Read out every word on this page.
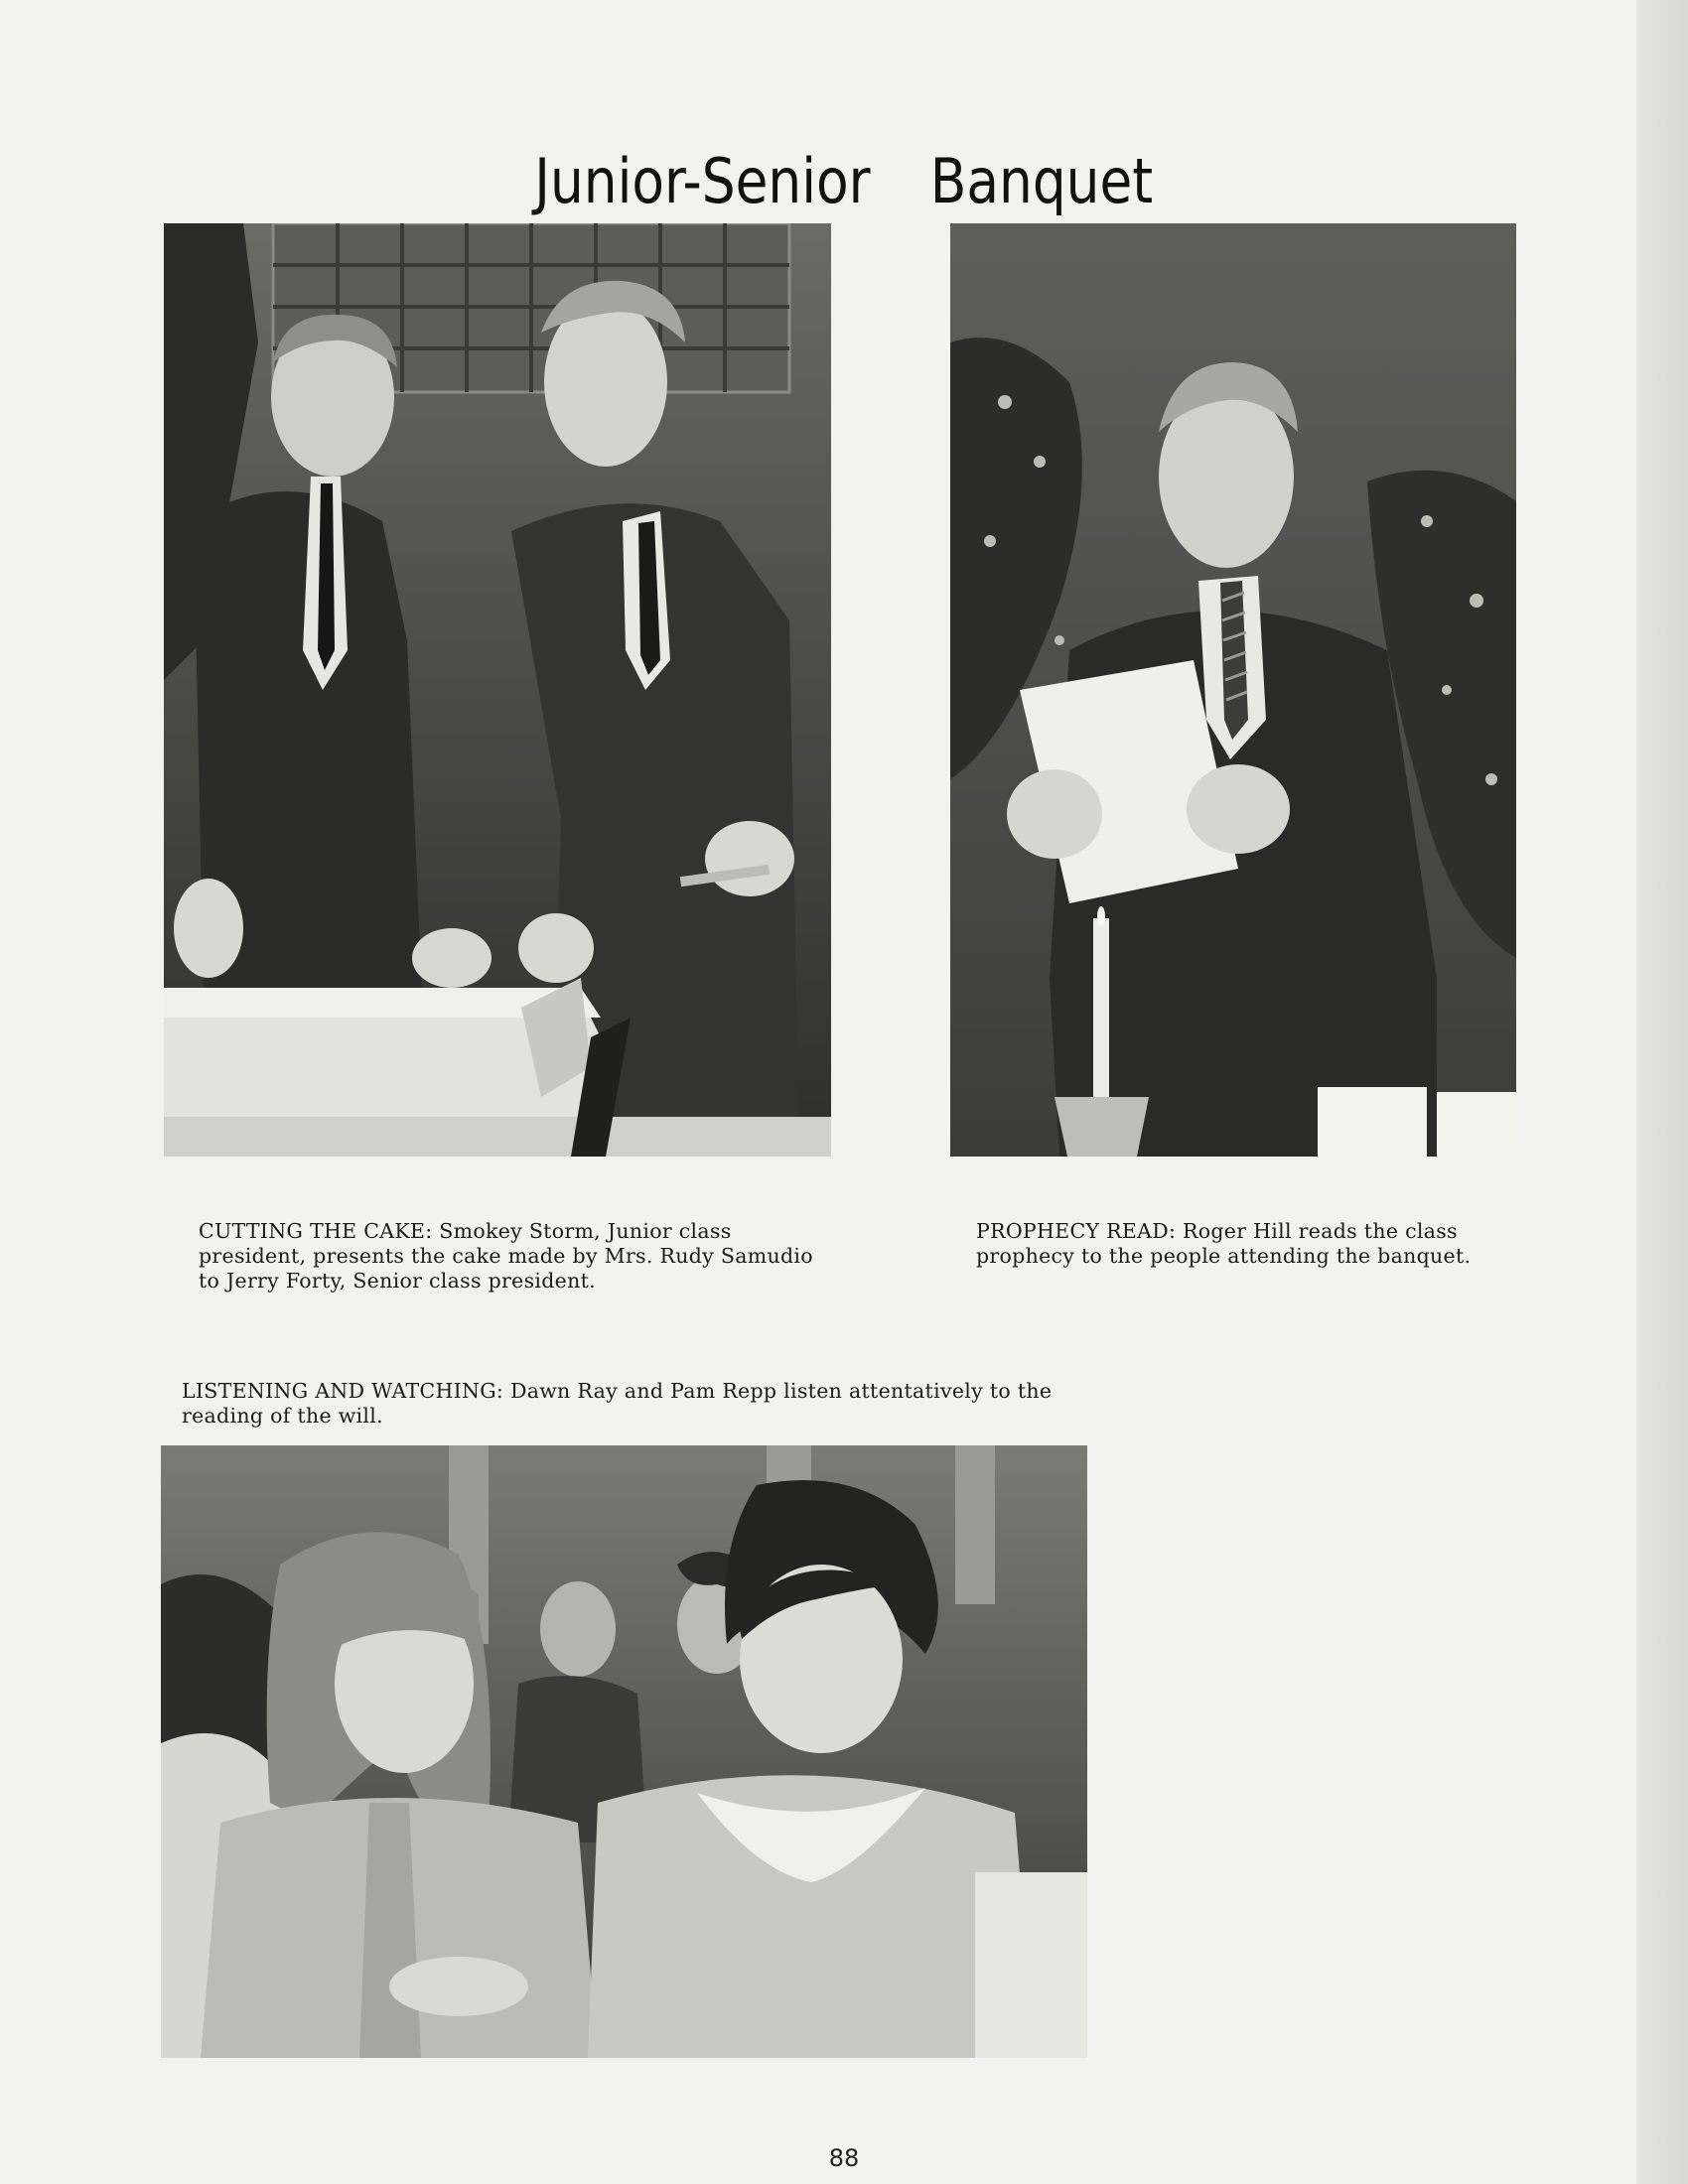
Junior-Senior Banquet

CUTTING THE CAKE: Smokey Storm, Junior class president, presents the cake made by Mrs. Rudy Samudio to Jerry Forty, Senior class president.

PROPHECY READ: Roger Hill reads the class prophecy to the people attending the banquet.

LISTENING AND WATCHING: Dawn Ray and Pam Repp listen attentatively to the reading of the will.

88
